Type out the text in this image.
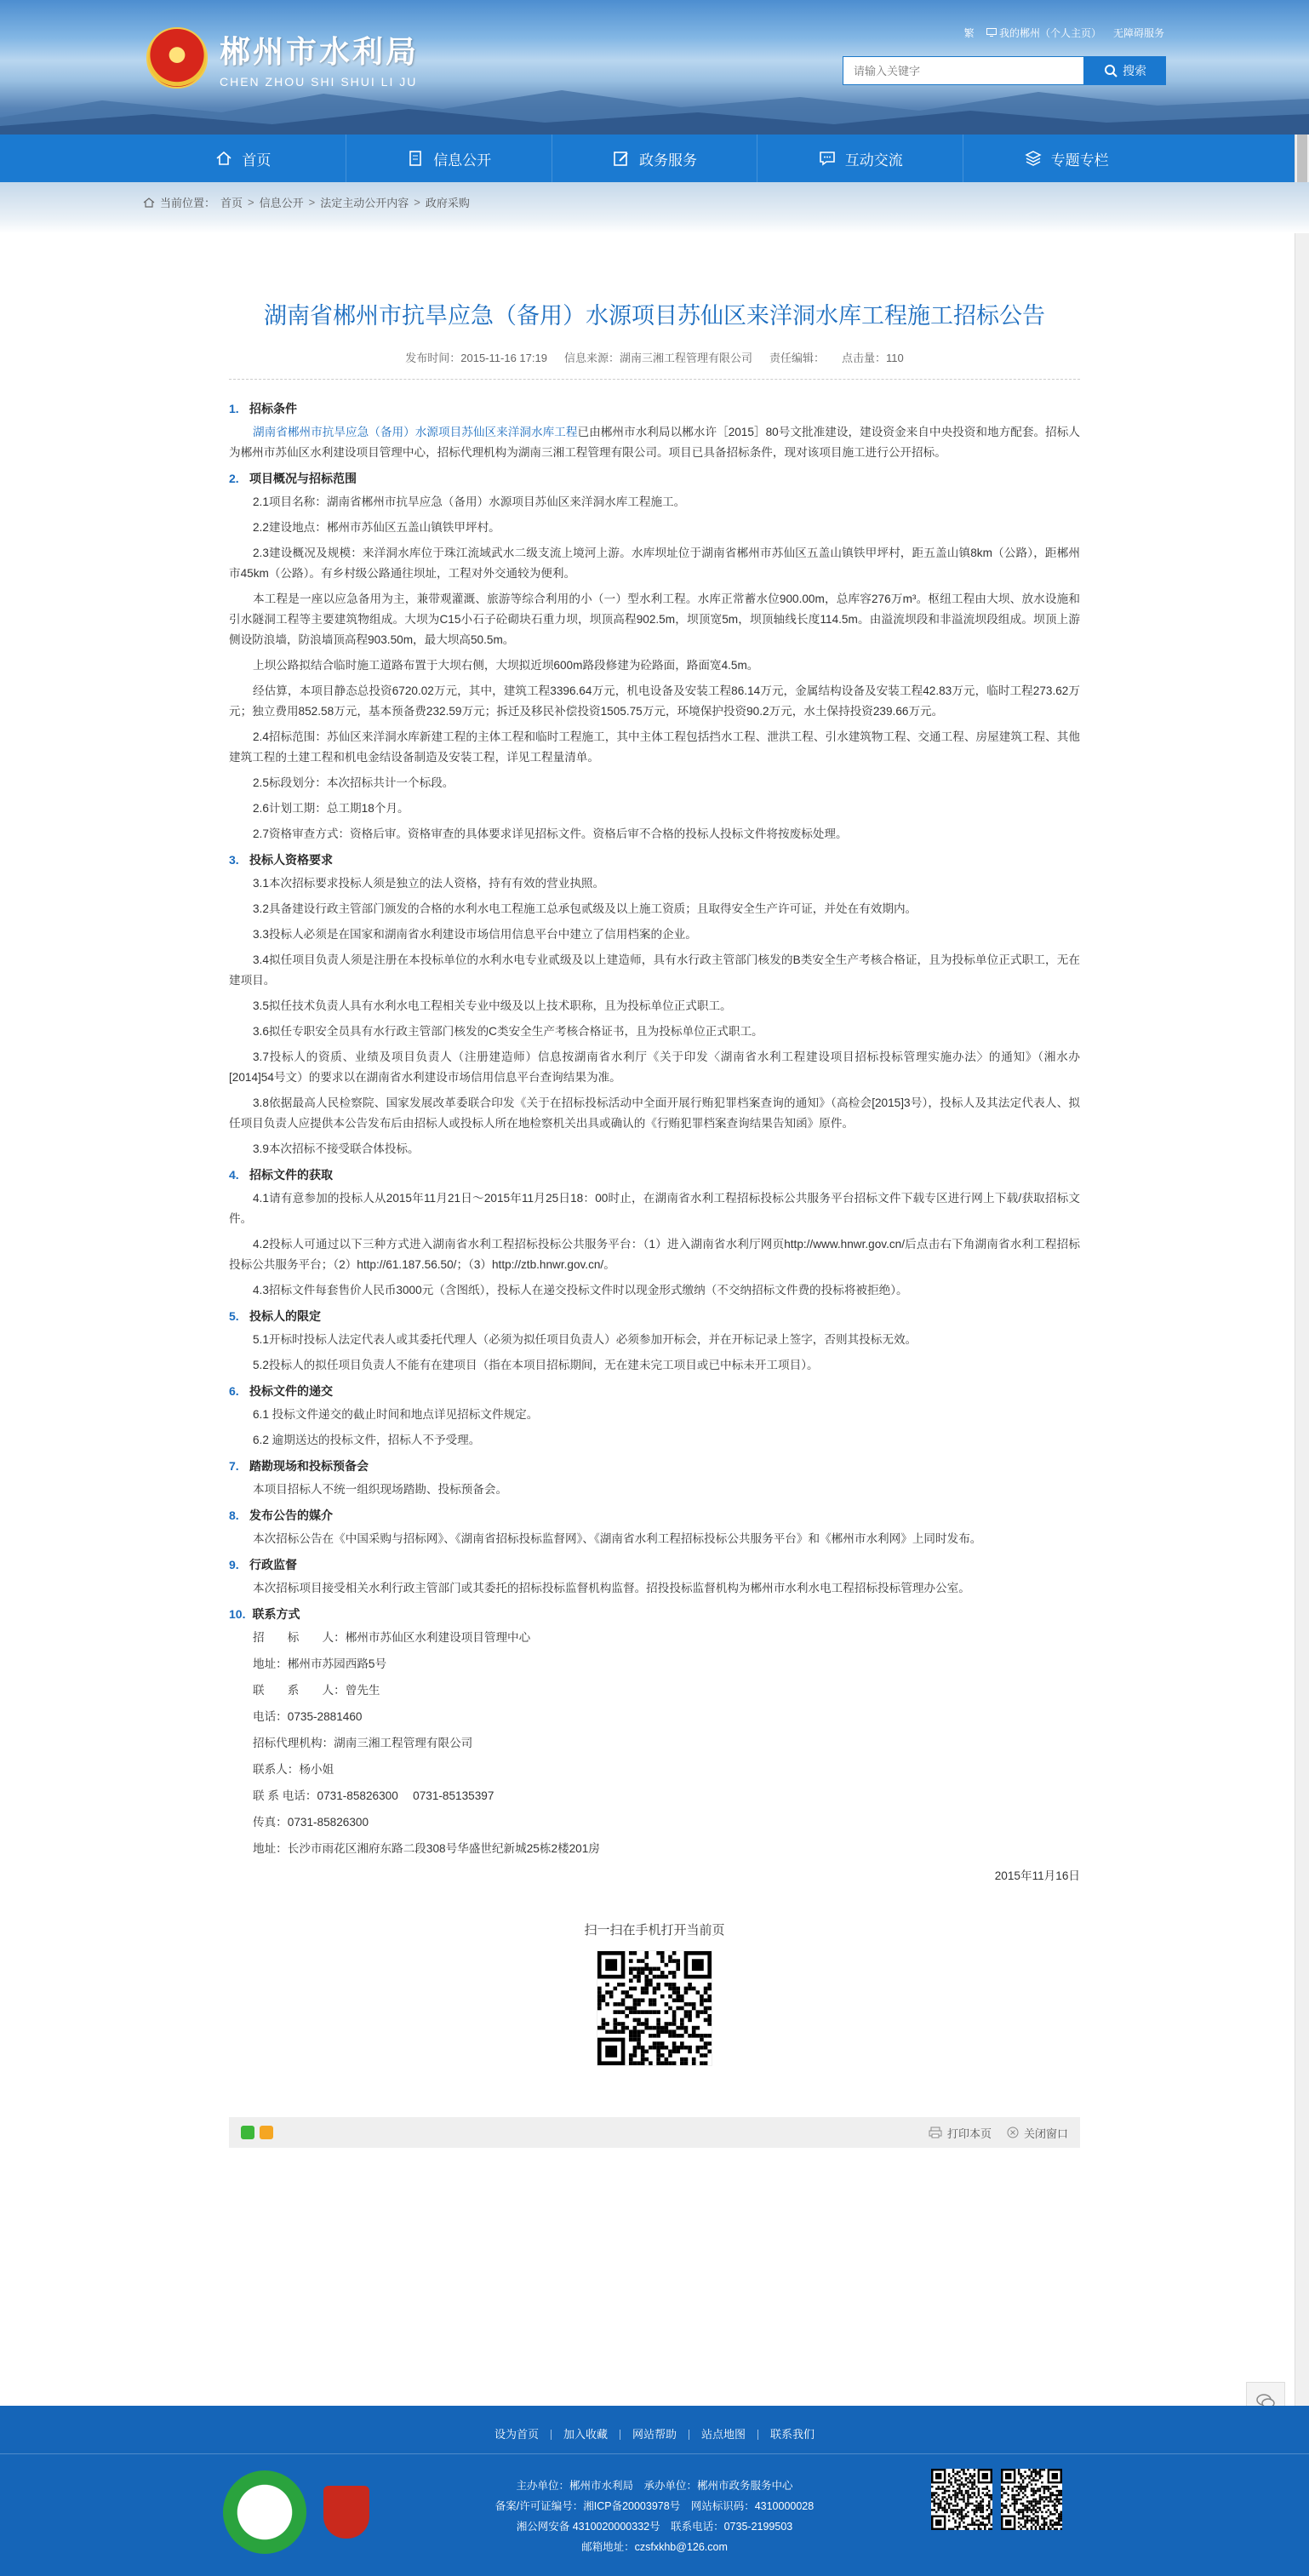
郴州市水利局
CHEN ZHOU SHI SHUI LI JU
繁	我的郴州（个人主页） 无障碍服务
请输入关键字
搜索
首页	信息公开	政务服务	互动交流	专题专栏
当前位置： 首页 > 信息公开 > 法定主动公开内容 > 政府采购
湖南省郴州市抗旱应急（备用）水源项目苏仙区来洋洞水库工程施工招标公告
发布时间：2015-11-16 17:19 信息来源：湖南三湘工程管理有限公司 责任编辑： 点击量：110
1. 招标条件

湖南省郴州市抗旱应急（备用）水源项目苏仙区来洋洞水库工程已由郴州市水利局以郴水许［2015］80号文批准建设，建设资金来自中央投资和地方配套。招标人为郴州市苏仙区水利建设项目管理中心，招标代理机构为湖南三湘工程管理有限公司。项目已具备招标条件，现对该项目施工进行公开招标。

2. 项目概况与招标范围

2.1项目名称：湖南省郴州市抗旱应急（备用）水源项目苏仙区来洋洞水库工程施工。

2.2建设地点：郴州市苏仙区五盖山镇铁甲坪村。

2.3建设概况及规模：来洋洞水库位于珠江流域武水二级支流上境河上游。水库坝址位于湖南省郴州市苏仙区五盖山镇铁甲坪村，距五盖山镇8km（公路），距郴州市45km（公路）。有乡村级公路通往坝址，工程对外交通较为便利。

本工程是一座以应急备用为主，兼带观灌溉、旅游等综合利用的小（一）型水利工程。水库正常蓄水位900.00m，总库容276万m³。枢纽工程由大坝、放水设施和引水隧洞工程等主要建筑物组成。大坝为C15小石子砼砌块石重力坝，坝顶高程902.5m，坝顶宽5m，坝顶轴线长度114.5m。由溢流坝段和非溢流坝段组成。坝顶上游侧设防浪墙，防浪墙顶高程903.50m，最大坝高50.5m。

上坝公路拟结合临时施工道路布置于大坝右侧，大坝拟近坝600m路段修建为砼路面，路面宽4.5m。

经估算，本项目静态总投资6720.02万元，其中，建筑工程3396.64万元，机电设备及安装工程86.14万元，金属结构设备及安装工程42.83万元，临时工程273.62万元；独立费用852.58万元，基本预备费232.59万元；拆迁及移民补偿投资1505.75万元，环境保护投资90.2万元，水土保持投资239.66万元。

2.4招标范围：苏仙区来洋洞水库新建工程的主体工程和临时工程施工，其中主体工程包括挡水工程、泄洪工程、引水建筑物工程、交通工程、房屋建筑工程、其他建筑工程的土建工程和机电金结设备制造及安装工程，详见工程量清单。

2.5标段划分：本次招标共计一个标段。

2.6计划工期：总工期18个月。

2.7资格审查方式：资格后审。资格审查的具体要求详见招标文件。资格后审不合格的投标人投标文件将按废标处理。

3. 投标人资格要求

3.1本次招标要求投标人须是独立的法人资格，持有有效的营业执照。

3.2具备建设行政主管部门颁发的合格的水利水电工程施工总承包贰级及以上施工资质；且取得安全生产许可证，并处在有效期内。

3.3投标人必须是在国家和湖南省水利建设市场信用信息平台中建立了信用档案的企业。

3.4拟任项目负责人须是注册在本投标单位的水利水电专业贰级及以上建造师，具有水行政主管部门核发的B类安全生产考核合格证，且为投标单位正式职工，无在建项目。

3.5拟任技术负责人具有水利水电工程相关专业中级及以上技术职称，且为投标单位正式职工。

3.6拟任专职安全员具有水行政主管部门核发的C类安全生产考核合格证书，且为投标单位正式职工。

3.7投标人的资质、业绩及项目负责人（注册建造师）信息按湖南省水利厅《关于印发〈湖南省水利工程建设项目招标投标管理实施办法〉的通知》（湘水办[2014]54号文）的要求以在湖南省水利建设市场信用信息平台查询结果为准。

3.8依据最高人民检察院、国家发展改革委联合印发《关于在招标投标活动中全面开展行贿犯罪档案查询的通知》（高检会[2015]3号），投标人及其法定代表人、拟任项目负责人应提供本公告发布后由招标人或投标人所在地检察机关出具或确认的《行贿犯罪档案查询结果告知函》原件。

3.9本次招标不接受联合体投标。

4. 招标文件的获取

4.1请有意参加的投标人从2015年11月21日～2015年11月25日18：00时止，在湖南省水利工程招标投标公共服务平台招标文件下载专区进行网上下载/获取招标文件。

4.2投标人可通过以下三种方式进入湖南省水利工程招标投标公共服务平台：（1）进入湖南省水利厅网页http://www.hnwr.gov.cn/后点击右下角湖南省水利工程招标投标公共服务平台；（2）http://61.187.56.50/；（3）http://ztb.hnwr.gov.cn/。

4.3招标文件每套售价人民币3000元（含图纸），投标人在递交投标文件时以现金形式缴纳（不交纳招标文件费的投标将被拒绝）。

5. 投标人的限定

5.1开标时投标人法定代表人或其委托代理人（必须为拟任项目负责人）必须参加开标会，并在开标记录上签字，否则其投标无效。

5.2投标人的拟任项目负责人不能有在建项目（指在本项目招标期间，无在建未完工项目或已中标未开工项目）。

6. 投标文件的递交

6.1 投标文件递交的截止时间和地点详见招标文件规定。

6.2 逾期送达的投标文件，招标人不予受理。

7. 踏勘现场和投标预备会

本项目招标人不统一组织现场踏勘、投标预备会。

8. 发布公告的媒介

本次招标公告在《中国采购与招标网》、《湖南省招标投标监督网》、《湖南省水利工程招标投标公共服务平台》和《郴州市水利网》上同时发布。

9. 行政监督

本次招标项目接受相关水利行政主管部门或其委托的招标投标监督机构监督。招投投标监督机构为郴州市水利水电工程招标投标管理办公室。

10. 联系方式

招　　标　　人：郴州市苏仙区水利建设项目管理中心

地址：郴州市苏园西路5号

联　　系　　人：曾先生

电话：0735-2881460

招标代理机构：湖南三湘工程管理有限公司

联系人：杨小姐

联 系 电话：0731-85826300　 0731-85135397

传真：0731-85826300

地址：长沙市雨花区湘府东路二段308号华盛世纪新城25栋2楼201房

2015年11月16日
扫一扫在手机打开当前页
打印本页	关闭窗口
设为首页	加入收藏	网站帮助	站点地图	联系我们
主办单位：郴州市水利局　承办单位：郴州市政务服务中心
备案/许可证编号：湘ICP备20003978号　网站标识码：4310000028
湘公网安备 4310020000332号　联系电话：0735-2199503
邮箱地址：czsfxkhb@126.com
